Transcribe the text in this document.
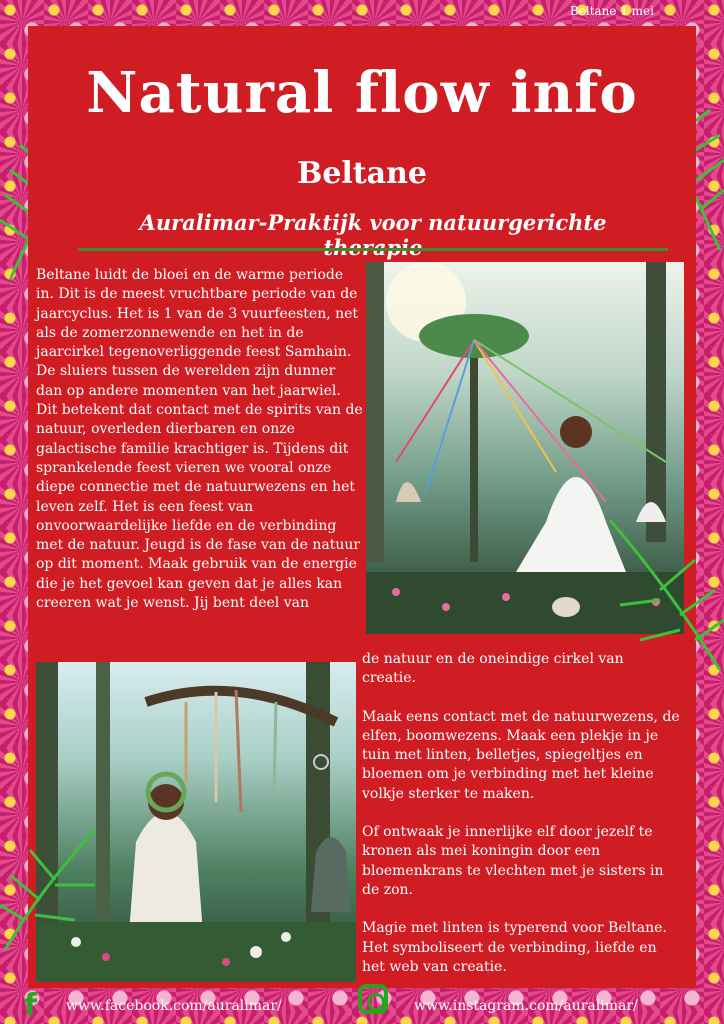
Beltane 1 mei
Natural flow info
Beltane
Auralimar-Praktijk voor natuurgerichte
Beltane luidt de bloei en de warme periode in. Dit is de meest vruchtbare periode van de jaarcyclus. Het is 1 van de 3 vuurfeesten, net als de zomerzonnewende en het in de jaarcirkel tegenoverliggende feest Samhain. De sluiers tussen de werelden zijn dunner dan op andere momenten van het jaarwiel. Dit betekent dat contact met de spirits van de natuur, overleden dierbaren en onze galactische familie krachtiger is. Tijdens dit sprankelende feest vieren we vooral onze diepe connectie met de natuurwezens en het leven zelf. Het is een feest van onvoorwaardelijke liefde en de verbinding met de natuur. Jeugd is de fase van de natuur op dit moment. Maak gebruik van de energie die je het gevoel kan geven dat je alles kan creeren wat je wenst. Jij bent deel van
de natuur en de oneindige cirkel van creatie.
Maak eens contact met de natuurwezens, de elfen, boomwezens. Maak een plekje in je tuin met linten, belletjes, spiegeltjes en bloemen om je verbinding met het kleine volkje sterker te maken.
Of ontwaak je innerlijke elf door jezelf te kronen als mei koningin door een bloemenkrans te vlechten met je sisters in de zon.
Magie met linten is typerend voor Beltane. Het symboliseert de verbinding, liefde en het web van creatie.
f	www.facebook.com/auralimar/	www.instagram.com/auralimar/
